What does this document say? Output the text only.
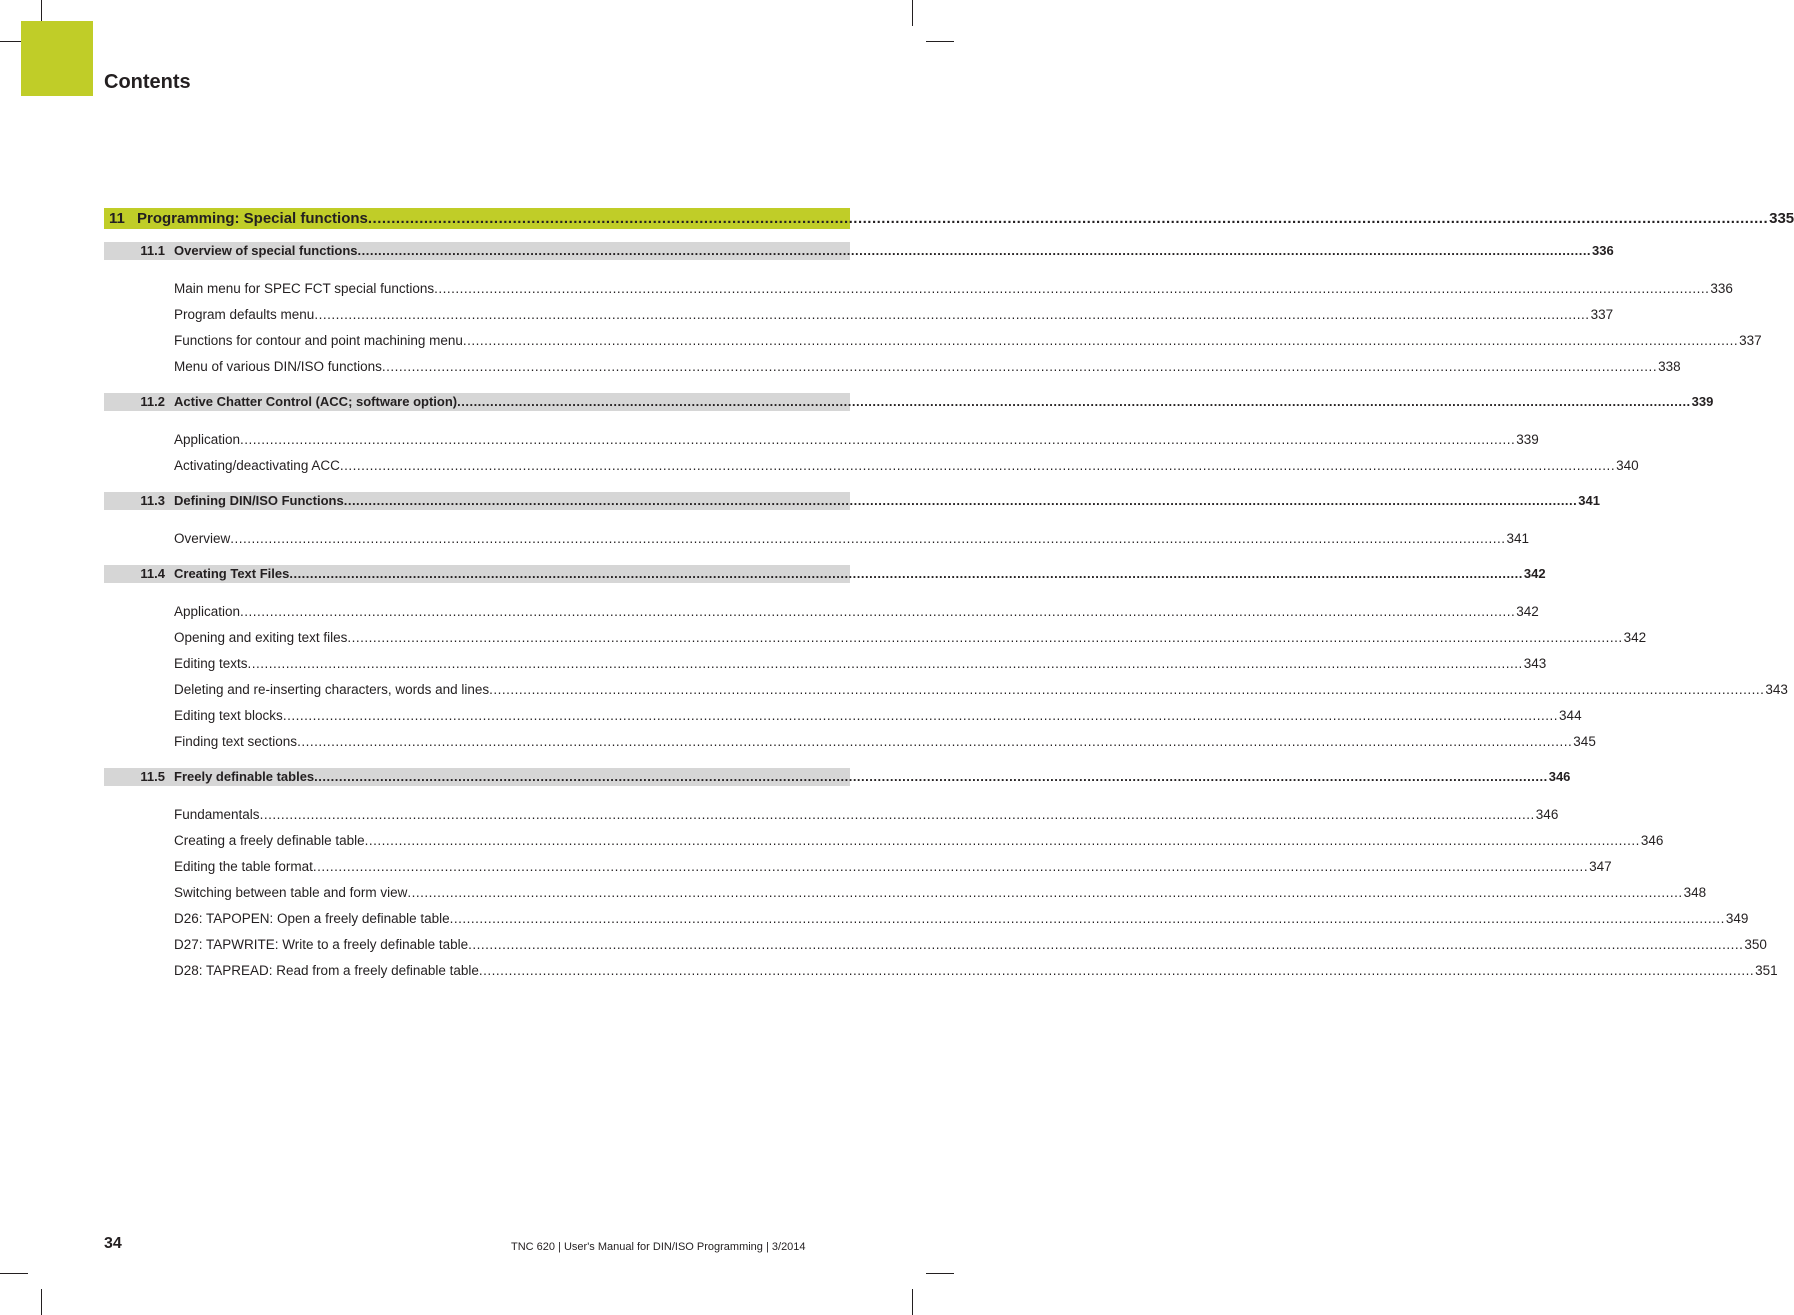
Contents
11 Programming: Special functions ............................................................................................................................................................................................................................................................................................................ 335
11.1 Overview of special functions ............................................................................................................................................................................................................................................................................................................ 336
Main menu for SPEC FCT special functions ............................................................................................................................................................................................................................................................................................................ 336
Program defaults menu ............................................................................................................................................................................................................................................................................................................ 337
Functions for contour and point machining menu ............................................................................................................................................................................................................................................................................................................ 337
Menu of various DIN/ISO functions ............................................................................................................................................................................................................................................................................................................ 338
11.2 Active Chatter Control (ACC; software option) ............................................................................................................................................................................................................................................................................................................ 339
Application ............................................................................................................................................................................................................................................................................................................ 339
Activating/deactivating ACC ............................................................................................................................................................................................................................................................................................................ 340
11.3 Defining DIN/ISO Functions ............................................................................................................................................................................................................................................................................................................ 341
Overview ............................................................................................................................................................................................................................................................................................................ 341
11.4 Creating Text Files ............................................................................................................................................................................................................................................................................................................ 342
Application ............................................................................................................................................................................................................................................................................................................ 342
Opening and exiting text files ............................................................................................................................................................................................................................................................................................................ 342
Editing texts ............................................................................................................................................................................................................................................................................................................ 343
Deleting and re-inserting characters, words and lines ............................................................................................................................................................................................................................................................................................................ 343
Editing text blocks ............................................................................................................................................................................................................................................................................................................ 344
Finding text sections ............................................................................................................................................................................................................................................................................................................ 345
11.5 Freely definable tables ............................................................................................................................................................................................................................................................................................................ 346
Fundamentals ............................................................................................................................................................................................................................................................................................................ 346
Creating a freely definable table ............................................................................................................................................................................................................................................................................................................ 346
Editing the table format ............................................................................................................................................................................................................................................................................................................ 347
Switching between table and form view ............................................................................................................................................................................................................................................................................................................ 348
D26: TAPOPEN: Open a freely definable table ............................................................................................................................................................................................................................................................................................................ 349
D27: TAPWRITE: Write to a freely definable table ............................................................................................................................................................................................................................................................................................................ 350
D28: TAPREAD: Read from a freely definable table ............................................................................................................................................................................................................................................................................................................ 351
34	TNC 620 | User's Manual for DIN/ISO Programming | 3/2014
